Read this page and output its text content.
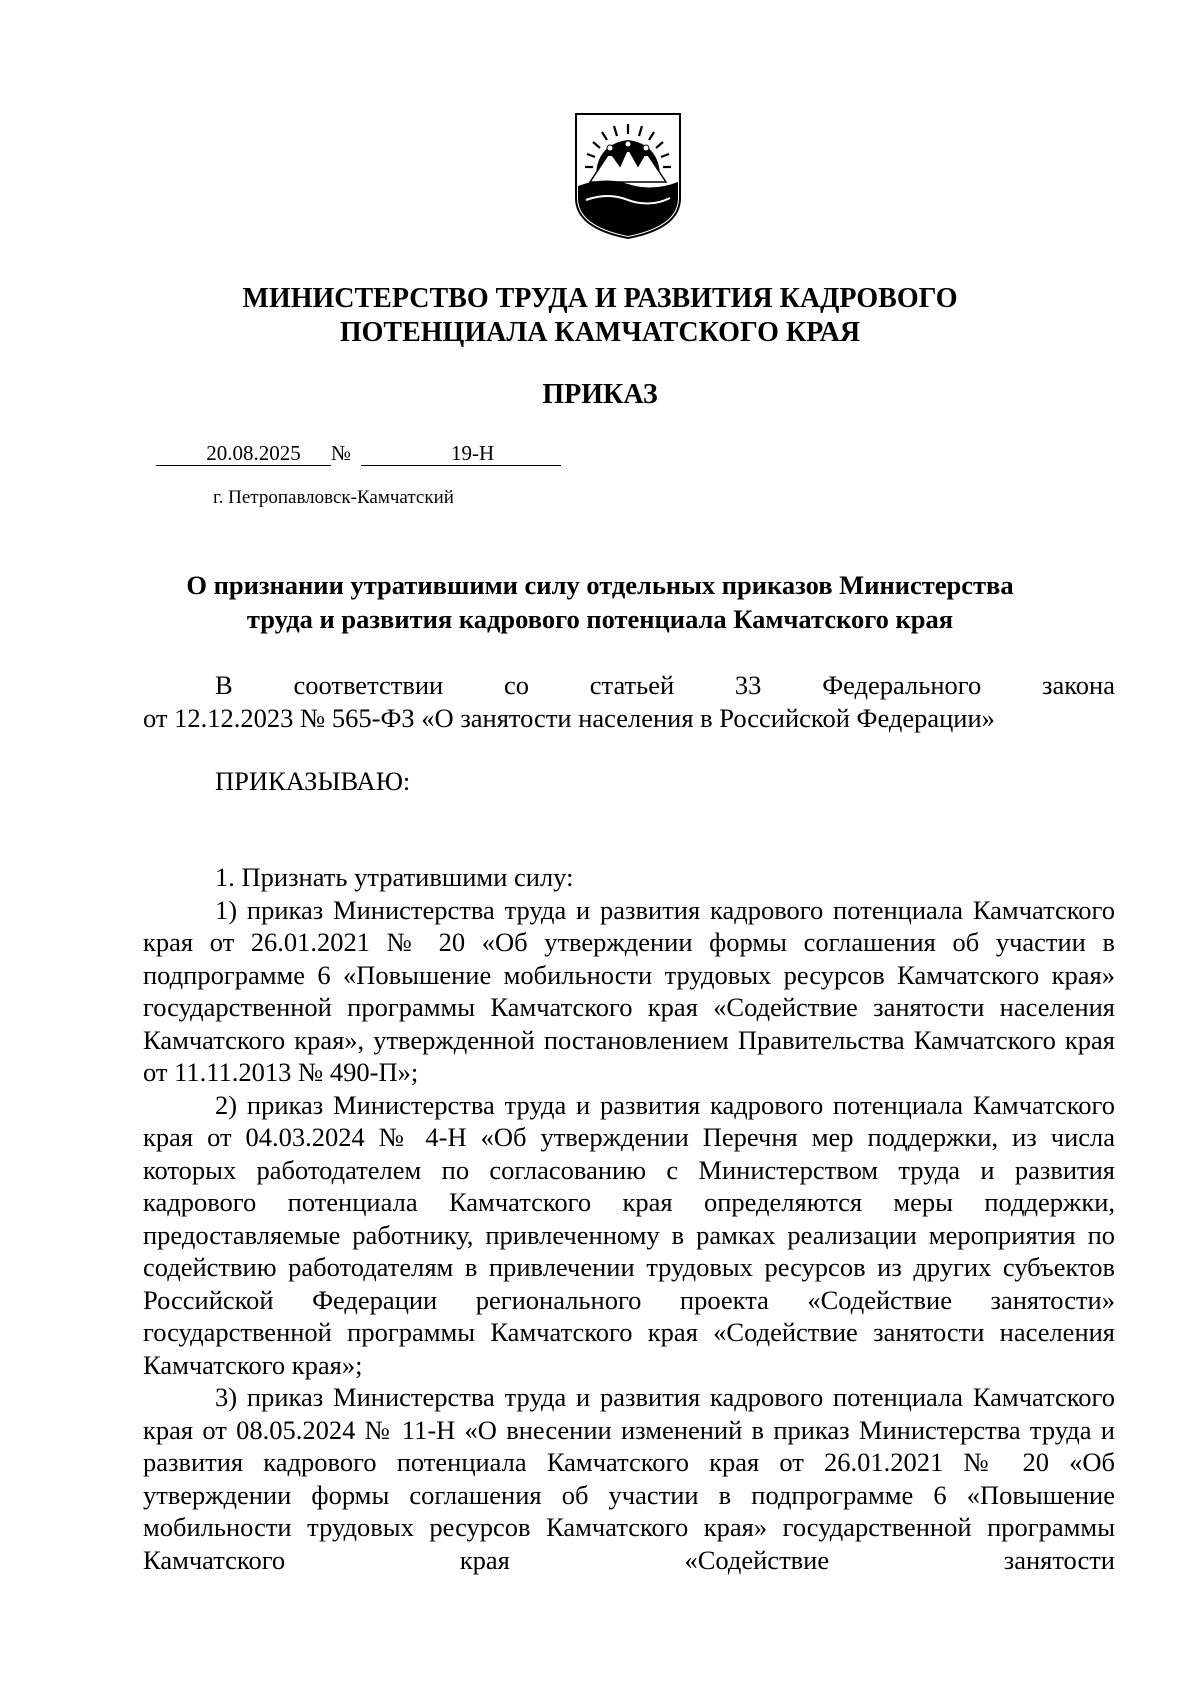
МИНИСТЕРСТВО ТРУДА И РАЗВИТИЯ КАДРОВОГО
ПОТЕНЦИАЛА КАМЧАТСКОГО КРАЯ
ПРИКАЗ
20.08.2025 №	19-Н
г. Петропавловск-Камчатский
О признании утратившими силу отдельных приказов Министерства
труда и развития кадрового потенциала Камчатского края
В соответствии со статьей 33 Федерального закона
от 12.12.2023 № 565-ФЗ «О занятости населения в Российской Федерации»

ПРИКАЗЫВАЮ:

1. Признать утратившими силу:

1) приказ Министерства труда и развития кадрового потенциала Камчатского края от 26.01.2021 № 20 «Об утверждении формы соглашения об участии в подпрограмме 6 «Повышение мобильности трудовых ресурсов Камчатского края» государственной программы Камчатского края «Содействие занятости населения Камчатского края», утвержденной постановлением Правительства Камчатского края от 11.11.2013 № 490-П»;

2) приказ Министерства труда и развития кадрового потенциала Камчатского края от 04.03.2024 № 4-Н «Об утверждении Перечня мер поддержки, из числа которых работодателем по согласованию с Министерством труда и развития кадрового потенциала Камчатского края определяются меры поддержки, предоставляемые работнику, привлеченному в рамках реализации мероприятия по содействию работодателям в привлечении трудовых ресурсов из других субъектов Российской Федерации регионального проекта «Содействие занятости» государственной программы Камчатского края «Содействие занятости населения Камчатского края»;

3) приказ Министерства труда и развития кадрового потенциала Камчатского края от 08.05.2024 № 11-Н «О внесении изменений в приказ Министерства труда и развития кадрового потенциала Камчатского края от 26.01.2021 № 20 «Об утверждении формы соглашения об участии в подпрограмме 6 «Повышение мобильности трудовых ресурсов Камчатского края» государственной программы Камчатского края «Содействие занятости
